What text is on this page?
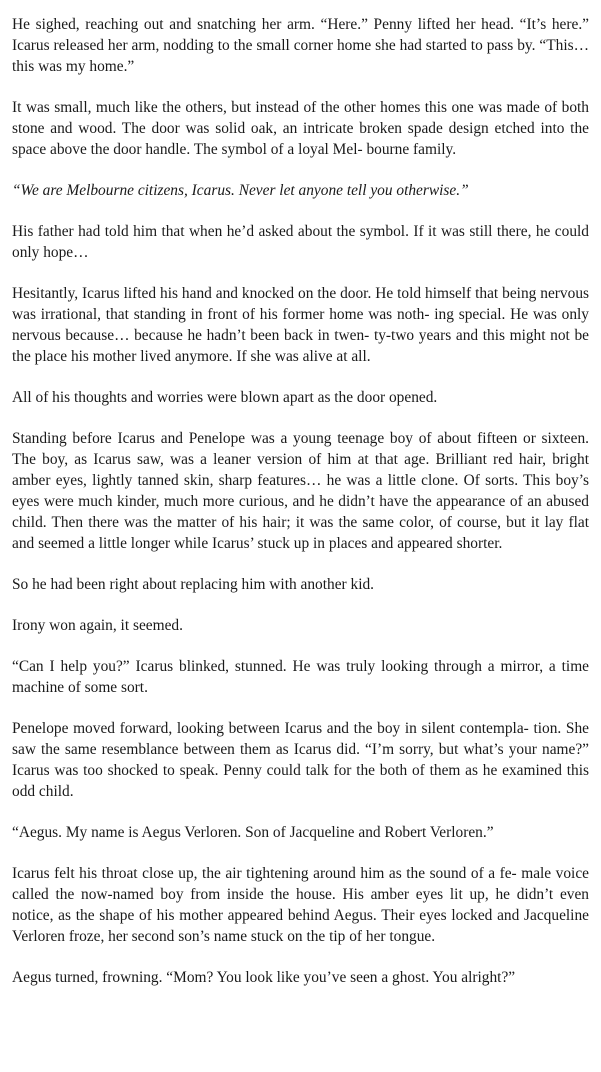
He sighed, reaching out and snatching her arm. “Here.” Penny lifted her head. “It’s here.” Icarus released her arm, nodding to the small corner home she had started to pass by. “This… this was my home.”

It was small, much like the others, but instead of the other homes this one was made of both stone and wood. The door was solid oak, an intricate broken spade design etched into the space above the door handle. The symbol of a loyal Mel- bourne family.

“We are Melbourne citizens, Icarus. Never let anyone tell you otherwise.”

His father had told him that when he’d asked about the symbol. If it was still there, he could only hope…

Hesitantly, Icarus lifted his hand and knocked on the door. He told himself that being nervous was irrational, that standing in front of his former home was noth- ing special. He was only nervous because… because he hadn’t been back in twen- ty-two years and this might not be the place his mother lived anymore. If she was alive at all.

All of his thoughts and worries were blown apart as the door opened.

Standing before Icarus and Penelope was a young teenage boy of about fifteen or sixteen. The boy, as Icarus saw, was a leaner version of him at that age. Brilliant red hair, bright amber eyes, lightly tanned skin, sharp features… he was a little clone. Of sorts. This boy’s eyes were much kinder, much more curious, and he didn’t have the appearance of an abused child. Then there was the matter of his hair; it was the same color, of course, but it lay flat and seemed a little longer while Icarus’ stuck up in places and appeared shorter.

So he had been right about replacing him with another kid.

Irony won again, it seemed.

“Can I help you?” Icarus blinked, stunned. He was truly looking through a mirror, a time machine of some sort.

Penelope moved forward, looking between Icarus and the boy in silent contempla- tion. She saw the same resemblance between them as Icarus did. “I’m sorry, but what’s your name?” Icarus was too shocked to speak. Penny could talk for the both of them as he examined this odd child.

“Aegus. My name is Aegus Verloren. Son of Jacqueline and Robert Verloren.”

Icarus felt his throat close up, the air tightening around him as the sound of a fe- male voice called the now-named boy from inside the house. His amber eyes lit up, he didn’t even notice, as the shape of his mother appeared behind Aegus. Their eyes locked and Jacqueline Verloren froze, her second son’s name stuck on the tip of her tongue.

Aegus turned, frowning. “Mom? You look like you’ve seen a ghost. You alright?”
